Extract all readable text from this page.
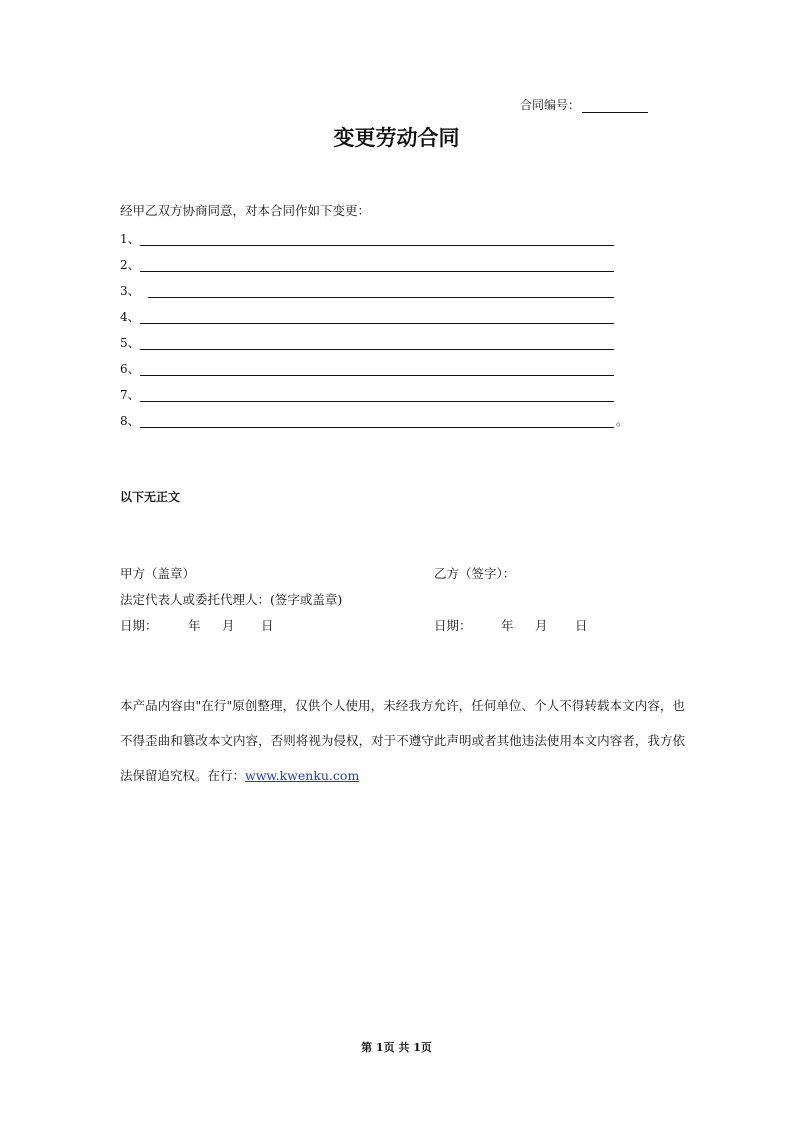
合同编号：
变更劳动合同
经甲乙双方协商同意，对本合同作如下变更：
1、
2、
3、
4、
5、
6、
7、
8、	。
以下无正文
甲方（盖章）	乙方（签字）：
法定代表人或委托代理人：(签字或盖章)
日期： 年 月 日	日期： 年 月 日
本产品内容由"在行"原创整理，仅供个人使用，未经我方允许，任何单位、个人不得转载本文内容，也不得歪曲和篡改本文内容，否则将视为侵权，对于不遵守此声明或者其他违法使用本文内容者，我方依法保留追究权。在行：www.kwenku.com
第 1页 共 1页
